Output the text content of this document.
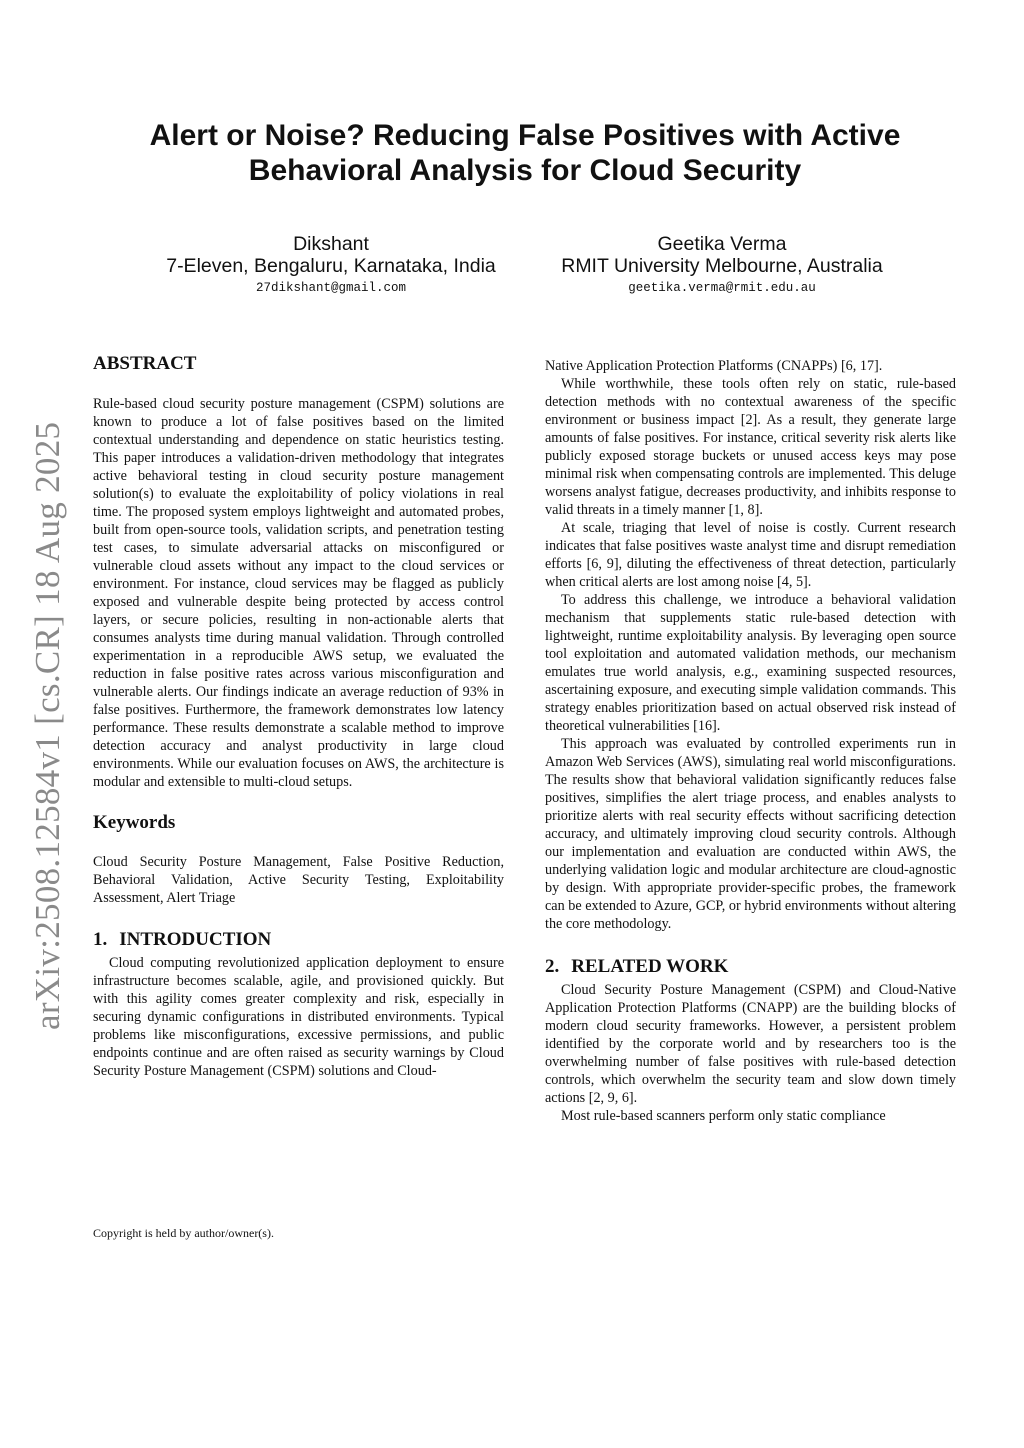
arXiv:2508.12584v1 [cs.CR] 18 Aug 2025
Alert or Noise? Reducing False Positives with Active
Behavioral Analysis for Cloud Security
Dikshant
7-Eleven, Bengaluru, Karnataka, India
27dikshant@gmail.com
Geetika Verma
RMIT University Melbourne, Australia
geetika.verma@rmit.edu.au
ABSTRACT

Rule-based cloud security posture management (CSPM) solutions are known to produce a lot of false positives based on the limited contextual understanding and dependence on static heuristics testing. This paper introduces a validation-driven methodology that integrates active behavioral testing in cloud security posture management solution(s) to evaluate the exploitability of policy violations in real time. The proposed system employs lightweight and automated probes, built from open-source tools, validation scripts, and penetration testing test cases, to simulate adversarial attacks on misconfigured or vulnerable cloud assets without any impact to the cloud services or environment. For instance, cloud services may be flagged as publicly exposed and vulnerable despite being protected by access control layers, or secure policies, resulting in non-actionable alerts that consumes analysts time during manual validation. Through controlled experimentation in a reproducible AWS setup, we evaluated the reduction in false positive rates across various misconfiguration and vulnerable alerts. Our findings indicate an average reduction of 93% in false positives. Furthermore, the framework demonstrates low latency performance. These results demonstrate a scalable method to improve detection accuracy and analyst productivity in large cloud environments. While our evaluation focuses on AWS, the architecture is modular and extensible to multi-cloud setups.

Keywords

Cloud Security Posture Management, False Positive Reduction, Behavioral Validation, Active Security Testing, Exploitability Assessment, Alert Triage

1. INTRODUCTION

Cloud computing revolutionized application deployment to ensure infrastructure becomes scalable, agile, and provisioned quickly. But with this agility comes greater complexity and risk, especially in securing dynamic configurations in distributed environments. Typical problems like misconfigurations, excessive permissions, and public endpoints continue and are often raised as security warnings by Cloud Security Posture Management (CSPM) solutions and Cloud-

Native Application Protection Platforms (CNAPPs) [6, 17].

While worthwhile, these tools often rely on static, rule-based detection methods with no contextual awareness of the specific environment or business impact [2]. As a result, they generate large amounts of false positives. For instance, critical severity risk alerts like publicly exposed storage buckets or unused access keys may pose minimal risk when compensating controls are implemented. This deluge worsens analyst fatigue, decreases productivity, and inhibits response to valid threats in a timely manner [1, 8].

At scale, triaging that level of noise is costly. Current research indicates that false positives waste analyst time and disrupt remediation efforts [6, 9], diluting the effectiveness of threat detection, particularly when critical alerts are lost among noise [4, 5].

To address this challenge, we introduce a behavioral validation mechanism that supplements static rule-based detection with lightweight, runtime exploitability analysis. By leveraging open source tool exploitation and automated validation methods, our mechanism emulates true world analysis, e.g., examining suspected resources, ascertaining exposure, and executing simple validation commands. This strategy enables prioritization based on actual observed risk instead of theoretical vulnerabilities [16].

This approach was evaluated by controlled experiments run in Amazon Web Services (AWS), simulating real world misconfigurations. The results show that behavioral validation significantly reduces false positives, simplifies the alert triage process, and enables analysts to prioritize alerts with real security effects without sacrificing detection accuracy, and ultimately improving cloud security controls. Although our implementation and evaluation are conducted within AWS, the underlying validation logic and modular architecture are cloud-agnostic by design. With appropriate provider-specific probes, the framework can be extended to Azure, GCP, or hybrid environments without altering the core methodology.

2. RELATED WORK

Cloud Security Posture Management (CSPM) and Cloud-Native Application Protection Platforms (CNAPP) are the building blocks of modern cloud security frameworks. However, a persistent problem identified by the corporate world and by researchers too is the overwhelming number of false positives with rule-based detection controls, which overwhelm the security team and slow down timely actions [2, 9, 6].

Most rule-based scanners perform only static compliance

Copyright is held by author/owner(s).
